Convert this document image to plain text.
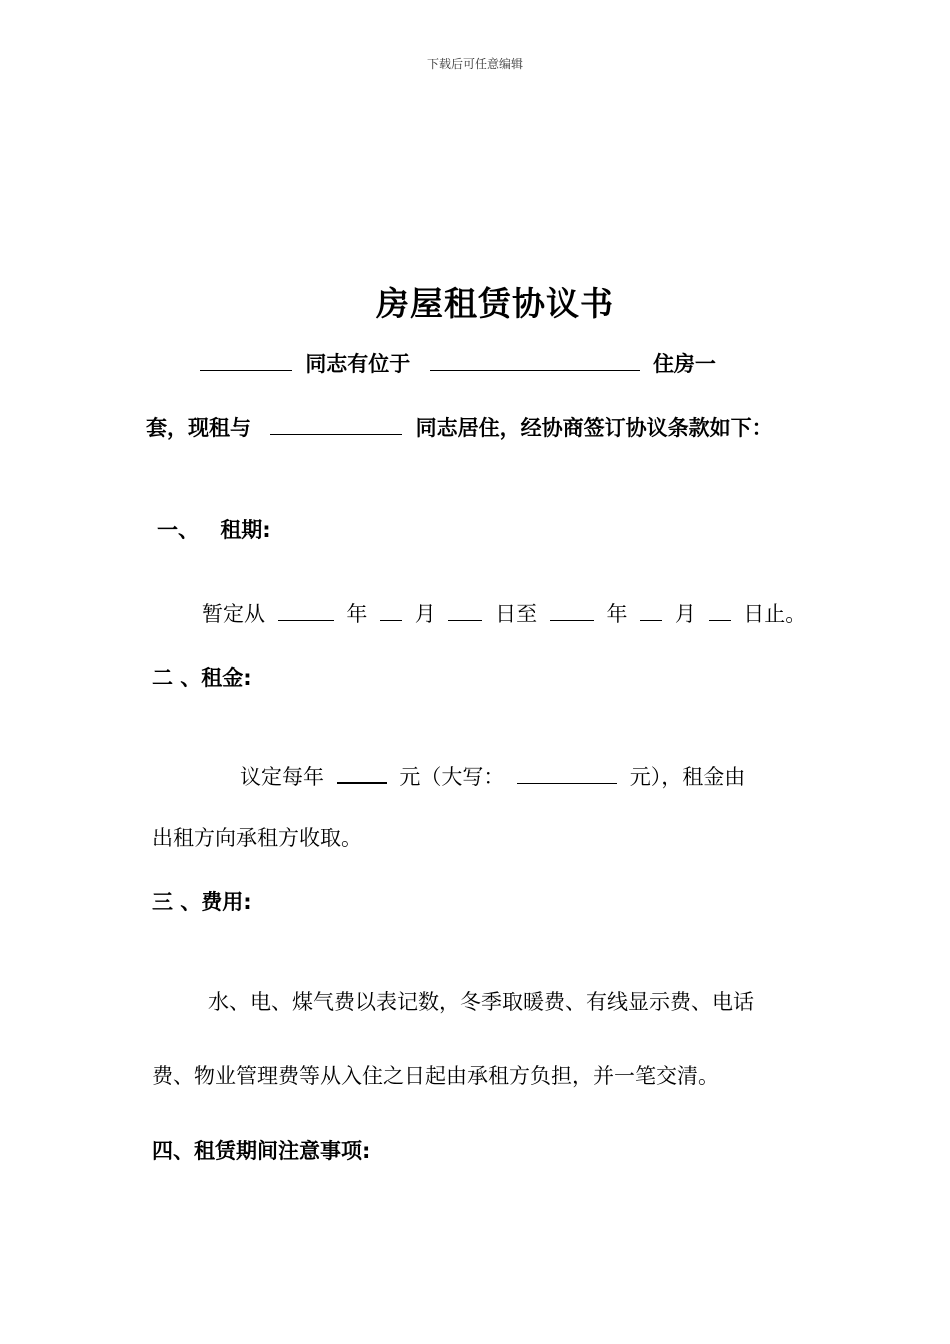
下载后可任意编辑
房屋租赁协议书
同志有位于	住房一
套，现租与	同志居住，经协商签订协议条款如下：
一、 租期:
暂定从	年 月	日至	年 月 日止。
二 、租金:
议定每年	元（大写：	元），租金由
出租方向承租方收取。
三 、费用:
水、电、煤气费以表记数，冬季取暖费、有线显示费、电话
费、物业管理费等从入住之日起由承租方负担，并一笔交清。
四、租赁期间注意事项:
